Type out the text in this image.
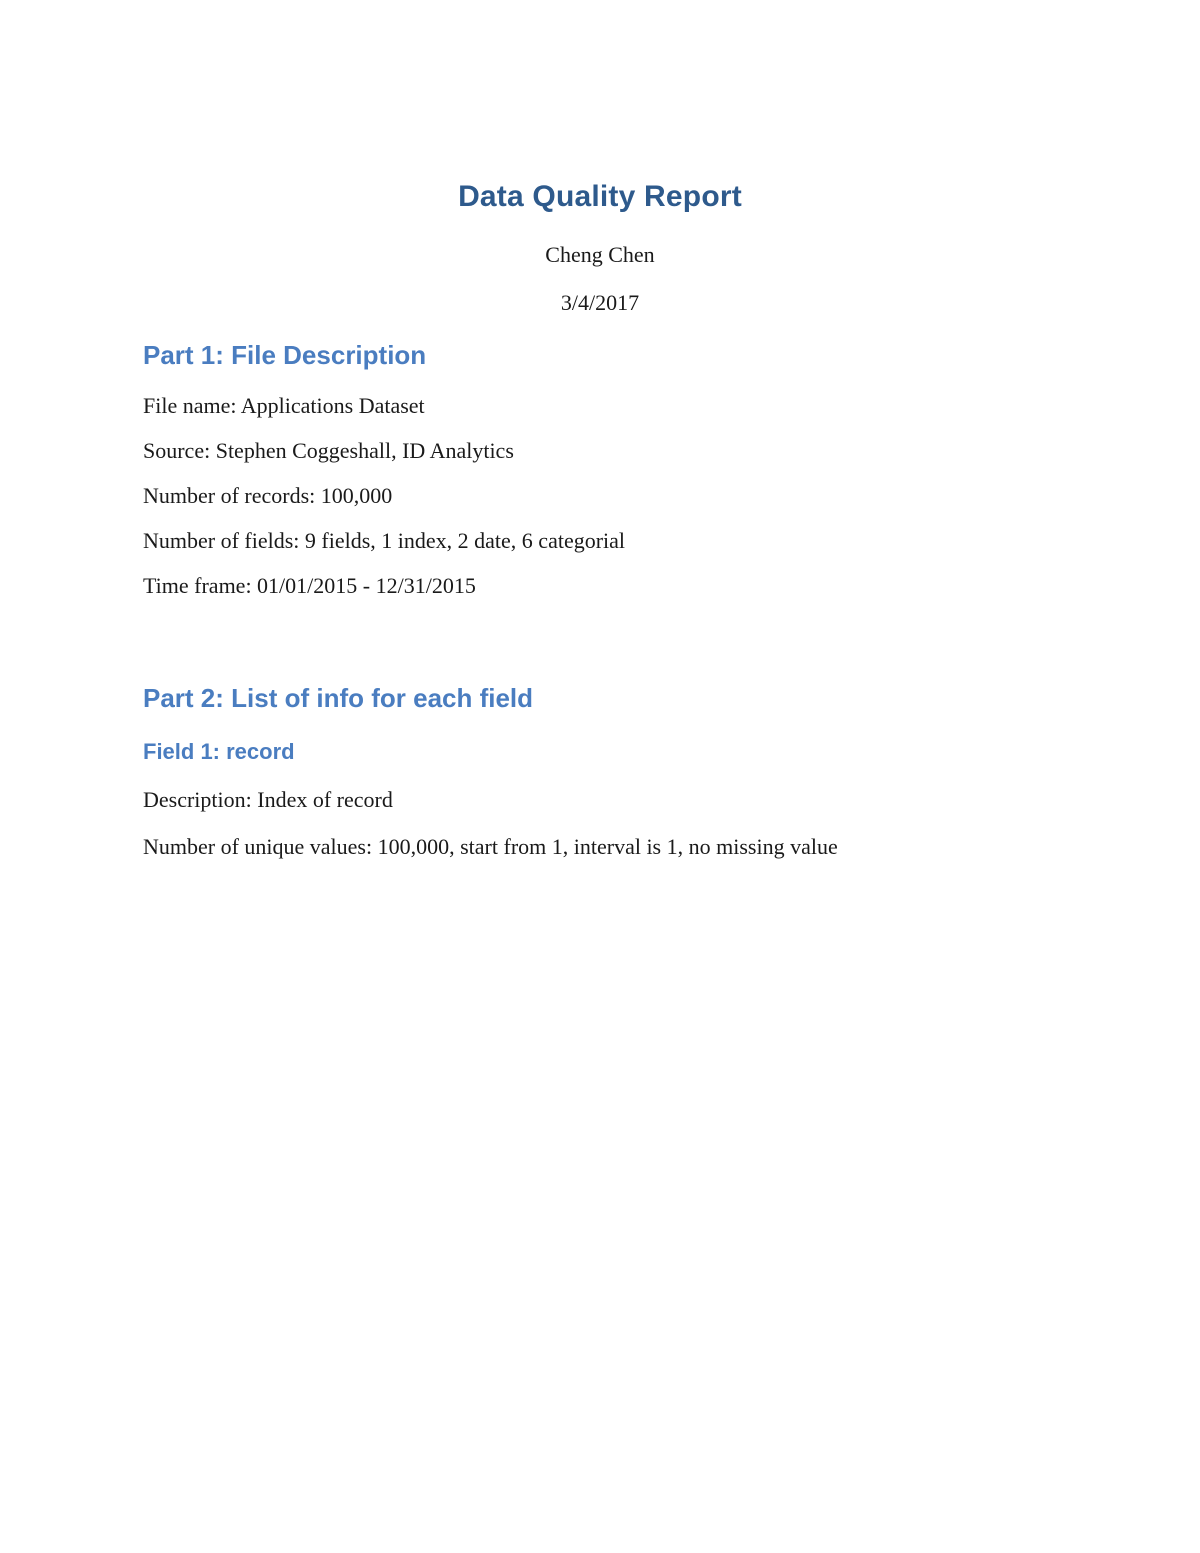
Data Quality Report
Cheng Chen
3/4/2017
Part 1: File Description
File name: Applications Dataset
Source: Stephen Coggeshall, ID Analytics
Number of records: 100,000
Number of fields: 9 fields, 1 index, 2 date, 6 categorial
Time frame: 01/01/2015 - 12/31/2015
Part 2: List of info for each field
Field 1: record
Description: Index of record
Number of unique values: 100,000, start from 1, interval is 1, no missing value
